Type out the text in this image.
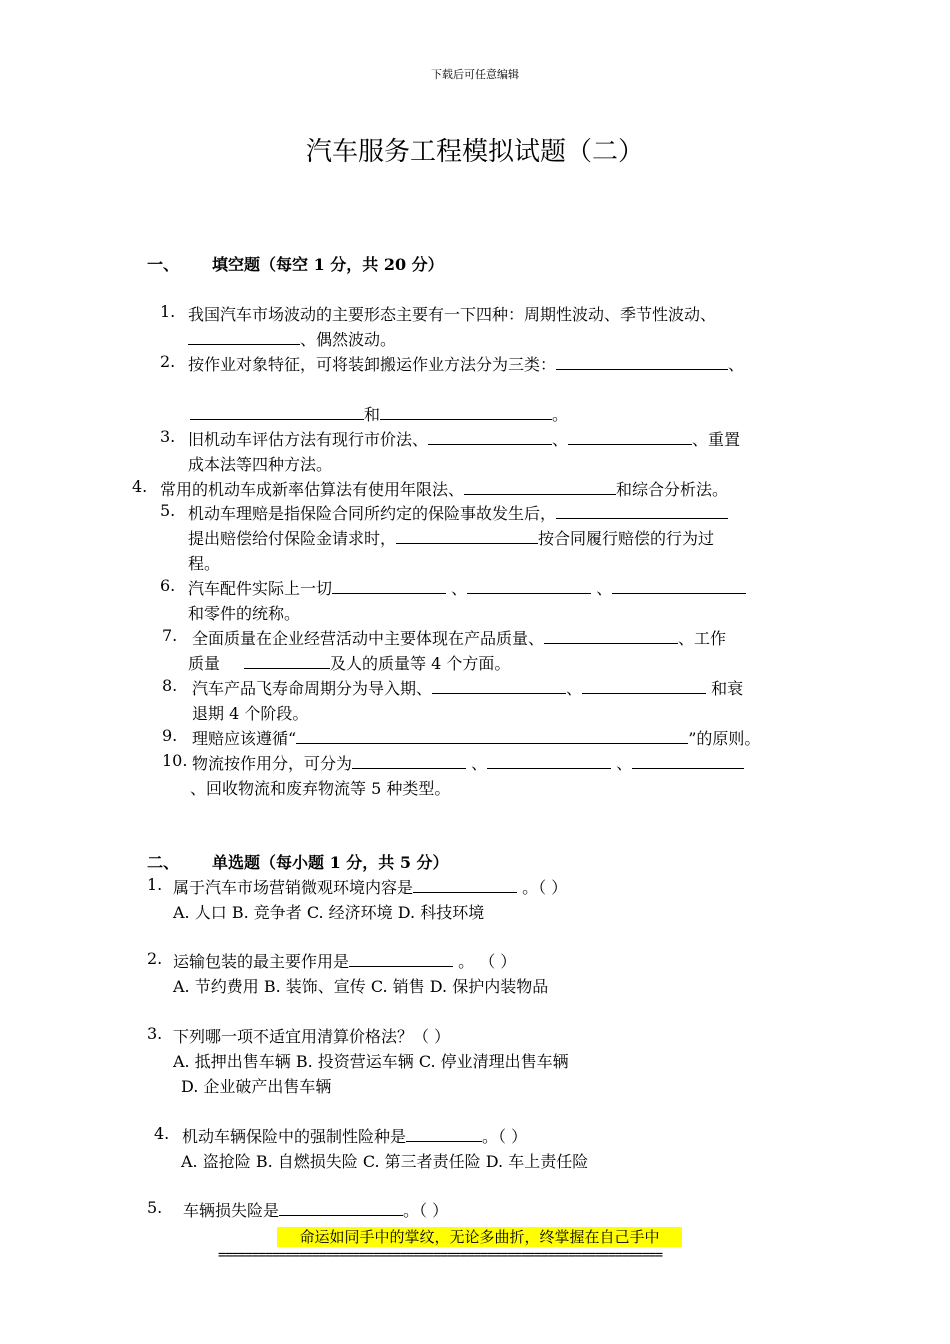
下载后可任意编辑
汽车服务工程模拟试题（二）
一、 填空题（每空 1 分，共 20 分）
1. 我国汽车市场波动的主要形态主要有一下四种：周期性波动、季节性波动、
、偶然波动。
2. 按作业对象特征，可将装卸搬运作业方法分为三类：	、
和	。
3. 旧机动车评估方法有现行市价法、	、	、重置
成本法等四种方法。
4. 常用的机动车成新率估算法有使用年限法、	和综合分析法。
5. 机动车理赔是指保险合同所约定的保险事故发生后，
提出赔偿给付保险金请求时，	按合同履行赔偿的行为过
程。
6. 汽车配件实际上一切	、	、
和零件的统称。
7. 全面质量在企业经营活动中主要体现在产品质量、	、工作
质量	及人的质量等 4 个方面。
8. 汽车产品飞寿命周期分为导入期、	、	和衰
退期 4 个阶段。
9. 理赔应该遵循“	”的原则。
10. 物流按作用分，可分为	、	、
、回收物流和废弃物流等 5 种类型。
二、 单选题（每小题 1 分，共 5 分）
1. 属于汽车市场营销微观环境内容是	。（ ）
A. 人口 B. 竞争者 C. 经济环境 D. 科技环境
2. 运输包装的最主要作用是	。 （ ）
A. 节约费用 B. 装饰、宣传 C. 销售 D. 保护内装物品
3. 下列哪一项不适宜用清算价格法？（ ）
A. 抵押出售车辆 B. 投资营运车辆 C. 停业清理出售车辆
D. 企业破产出售车辆
4. 机动车辆保险中的强制性险种是	。（ ）
A. 盗抢险 B. 自燃损失险 C. 第三者责任险 D. 车上责任险
5. 车辆损失险是	。（ ）
命运如同手中的掌纹，无论多曲折，终掌握在自己手中
==================================================================
